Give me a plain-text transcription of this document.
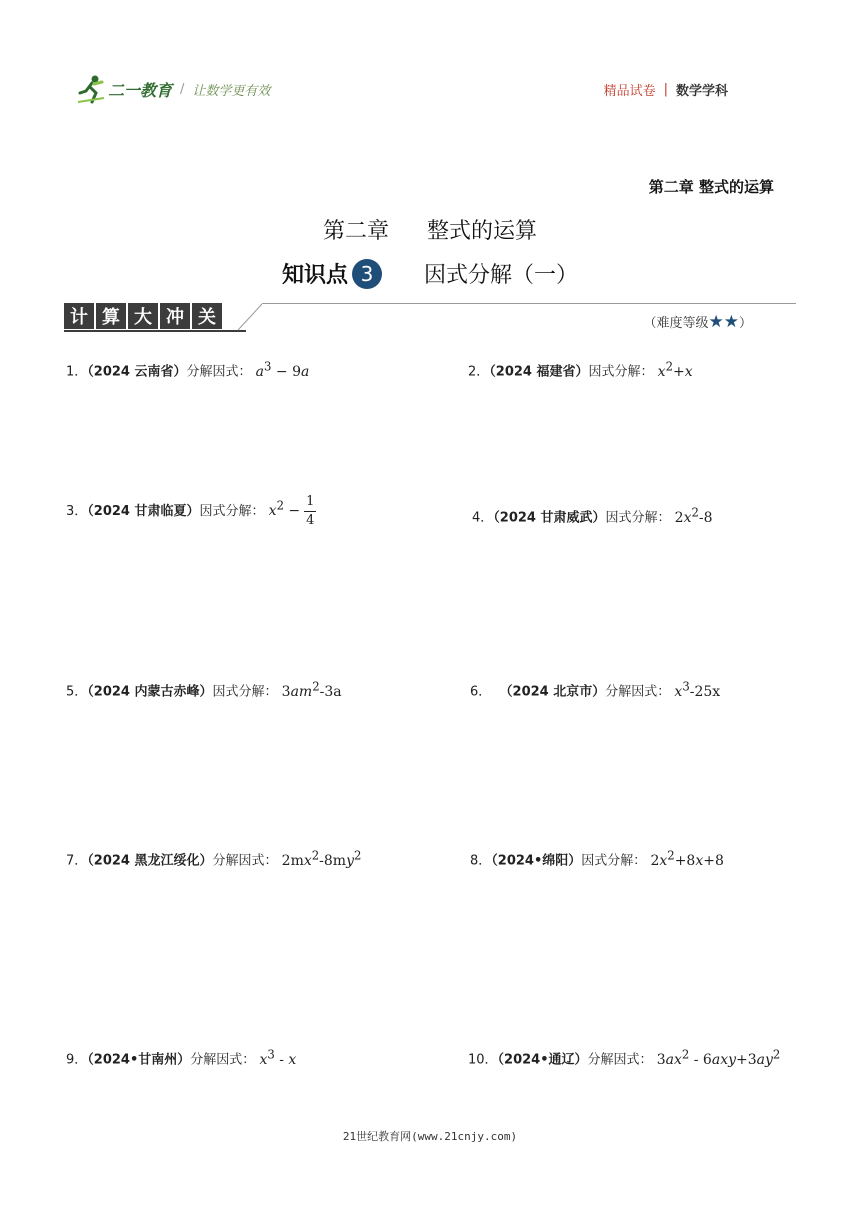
二一教育 / 让数学更有效	精品试卷 | 数学学科
第二章 整式的运算
第二章 整式的运算
知识点 3	因式分解（一）
计 算 大 冲 关	（难度等级★★）
1．（2024 云南省）分解因式： $a^3 - 9a$	2．（2024 福建省）因式分解： $x^2+x$
3．（2024 甘肃临夏）因式分解： $x^2 - \frac{1}{4}$	4．（2024 甘肃威武）因式分解： $2x^2-8$
5．（2024 内蒙古赤峰）因式分解： $3am^2-3a$	6． （2024 北京市）分解因式： $x^3-25x$
7．（2024 黑龙江绥化）分解因式： $2mx^2-8my^2$	8．（2024•绵阳）因式分解： $2x^2+8x+8$
9．（2024•甘南州）分解因式： $x^3$ - x	10．（2024•通辽）分解因式： $3ax^2 - 6axy+3ay^2$
21世纪教育网(www.21cnjy.com)
